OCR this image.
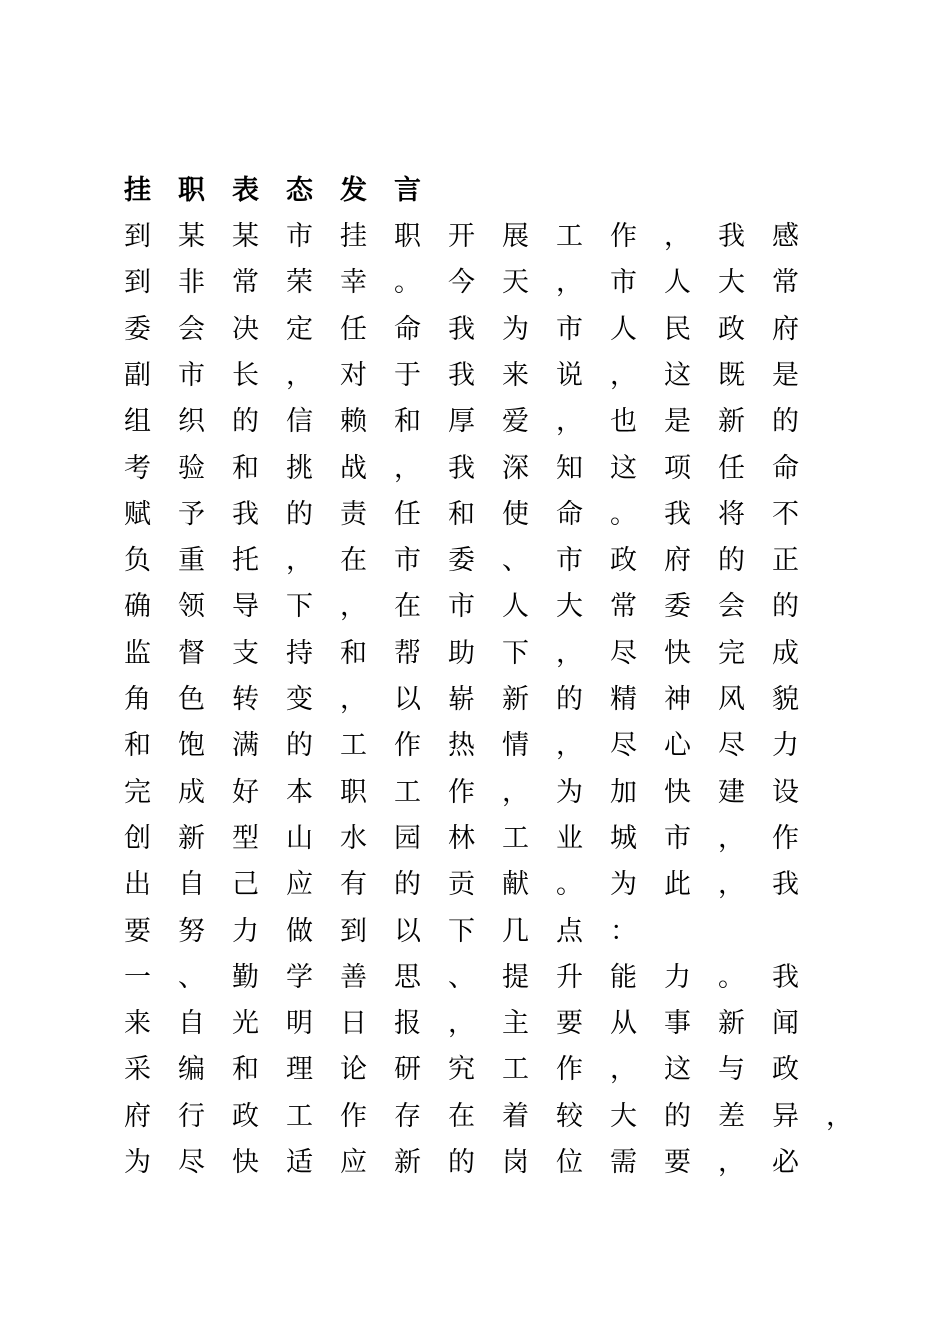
挂职表态发言

到某某市挂职开展工作，我感

到非常荣幸。今天，市人大常

委会决定任命我为市人民政府

副市长，对于我来说，这既是

组织的信赖和厚爱，也是新的

考验和挑战，我深知这项任命

赋予我的责任和使命。我将不

负重托，在市委、市政府的正

确领导下，在市人大常委会的

监督支持和帮助下，尽快完成

角色转变，以崭新的精神风貌

和饱满的工作热情，尽心尽力

完成好本职工作，为加快建设

创新型山水园林工业城市，作

出自己应有的贡献。为此，我

要努力做到以下几点：

一、勤学善思、提升能力。我

来自光明日报，主要从事新闻

采编和理论研究工作，这与政

府行政工作存在着较大的差异，

为尽快适应新的岗位需要，必
